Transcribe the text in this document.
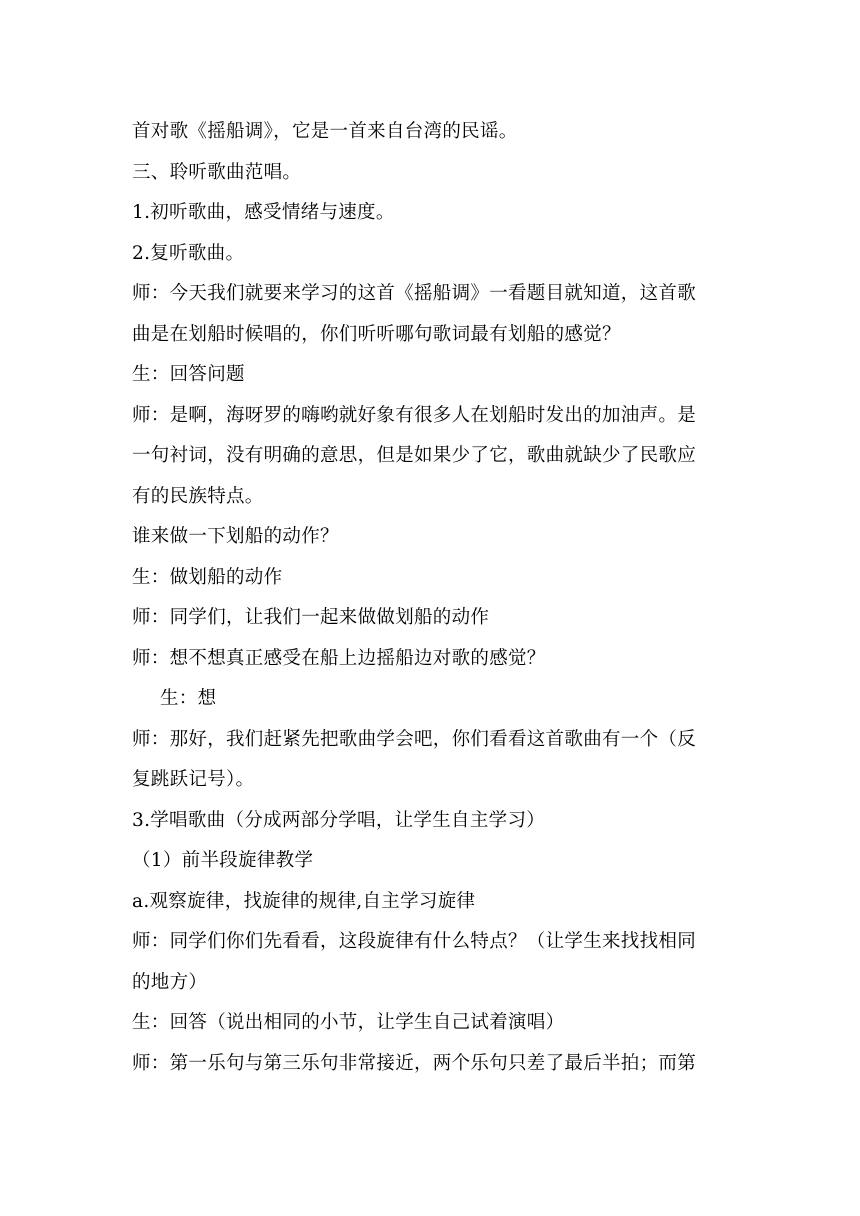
首对歌《摇船调》，它是一首来自台湾的民谣。
三、聆听歌曲范唱。
1.初听歌曲，感受情绪与速度。
2.复听歌曲。
师：今天我们就要来学习的这首《摇船调》一看题目就知道，这首歌
曲是在划船时候唱的，你们听听哪句歌词最有划船的感觉？
生：回答问题
师：是啊，海呀罗的嗨哟就好象有很多人在划船时发出的加油声。是
一句衬词，没有明确的意思，但是如果少了它，歌曲就缺少了民歌应
有的民族特点。
谁来做一下划船的动作？
生：做划船的动作
师：同学们，让我们一起来做做划船的动作
师：想不想真正感受在船上边摇船边对歌的感觉？
生：想
师：那好，我们赶紧先把歌曲学会吧，你们看看这首歌曲有一个（反
复跳跃记号）。
3.学唱歌曲（分成两部分学唱，让学生自主学习）
（1）前半段旋律教学
a.观察旋律，找旋律的规律,自主学习旋律
师：同学们你们先看看，这段旋律有什么特点？（让学生来找找相同
的地方）
生：回答（说出相同的小节，让学生自己试着演唱）
师：第一乐句与第三乐句非常接近，两个乐句只差了最后半拍；而第
